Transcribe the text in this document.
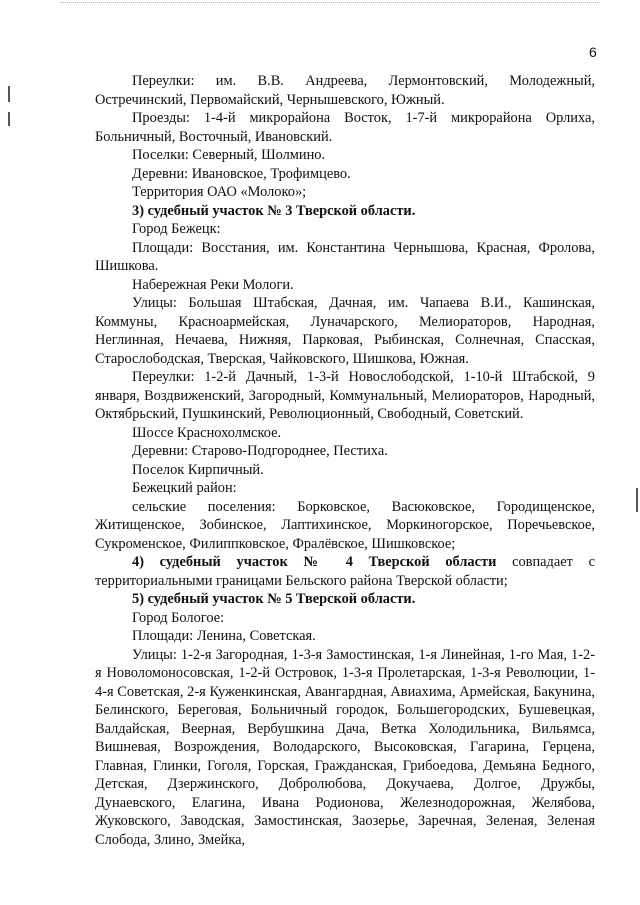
6

Переулки: им. В.В. Андреева, Лермонтовский, Молодежный, Остречинский, Первомайский, Чернышевского, Южный.

Проезды: 1-4-й микрорайона Восток, 1-7-й микрорайона Орлиха, Больничный, Восточный, Ивановский.

Поселки: Северный, Шолмино.

Деревни: Ивановское, Трофимцево.

Территория ОАО «Молоко»;

3) судебный участок № 3 Тверской области.

Город Бежецк:

Площади: Восстания, им. Константина Чернышова, Красная, Фролова, Шишкова.

Набережная Реки Мологи.

Улицы: Большая Штабская, Дачная, им. Чапаева В.И., Кашинская, Коммуны, Красноармейская, Луначарского, Мелиораторов, Народная, Неглинная, Нечаева, Нижняя, Парковая, Рыбинская, Солнечная, Спасская, Старослободская, Тверская, Чайковского, Шишкова, Южная.

Переулки: 1-2-й Дачный, 1-3-й Новослободской, 1-10-й Штабской, 9 января, Воздвиженский, Загородный, Коммунальный, Мелиораторов, Народный, Октябрьский, Пушкинский, Революционный, Свободный, Советский.

Шоссе Краснохолмское.

Деревни: Старово-Подгороднее, Пестиха.

Поселок Кирпичный.

Бежецкий район:

сельские поселения: Борковское, Васюковское, Городищенское, Житищенское, Зобинское, Лаптихинское, Моркиногорское, Поречьевское, Сукроменское, Филиппковское, Фралёвское, Шишковское;

4) судебный участок № 4 Тверской области совпадает с территориальными границами Бельского района Тверской области;

5) судебный участок № 5 Тверской области.

Город Бологое:

Площади: Ленина, Советская.

Улицы: 1-2-я Загородная, 1-3-я Замостинская, 1-я Линейная, 1-го Мая, 1-2-я Новоломоносовская, 1-2-й Островок, 1-3-я Пролетарская, 1-3-я Революции, 1-4-я Советская, 2-я Куженкинская, Авангардная, Авиахима, Армейская, Бакунина, Белинского, Береговая, Больничный городок, Большегородских, Бушевецкая, Валдайская, Веерная, Вербушкина Дача, Ветка Холодильника, Вильямса, Вишневая, Возрождения, Володарского, Высоковская, Гагарина, Герцена, Главная, Глинки, Гоголя, Горская, Гражданская, Грибоедова, Демьяна Бедного, Детская, Дзержинского, Добролюбова, Докучаева, Долгое, Дружбы, Дунаевского, Елагина, Ивана Родионова, Железнодорожная, Желябова, Жуковского, Заводская, Замостинская, Заозерье, Заречная, Зеленая, Зеленая Слобода, Злино, Змейка,
